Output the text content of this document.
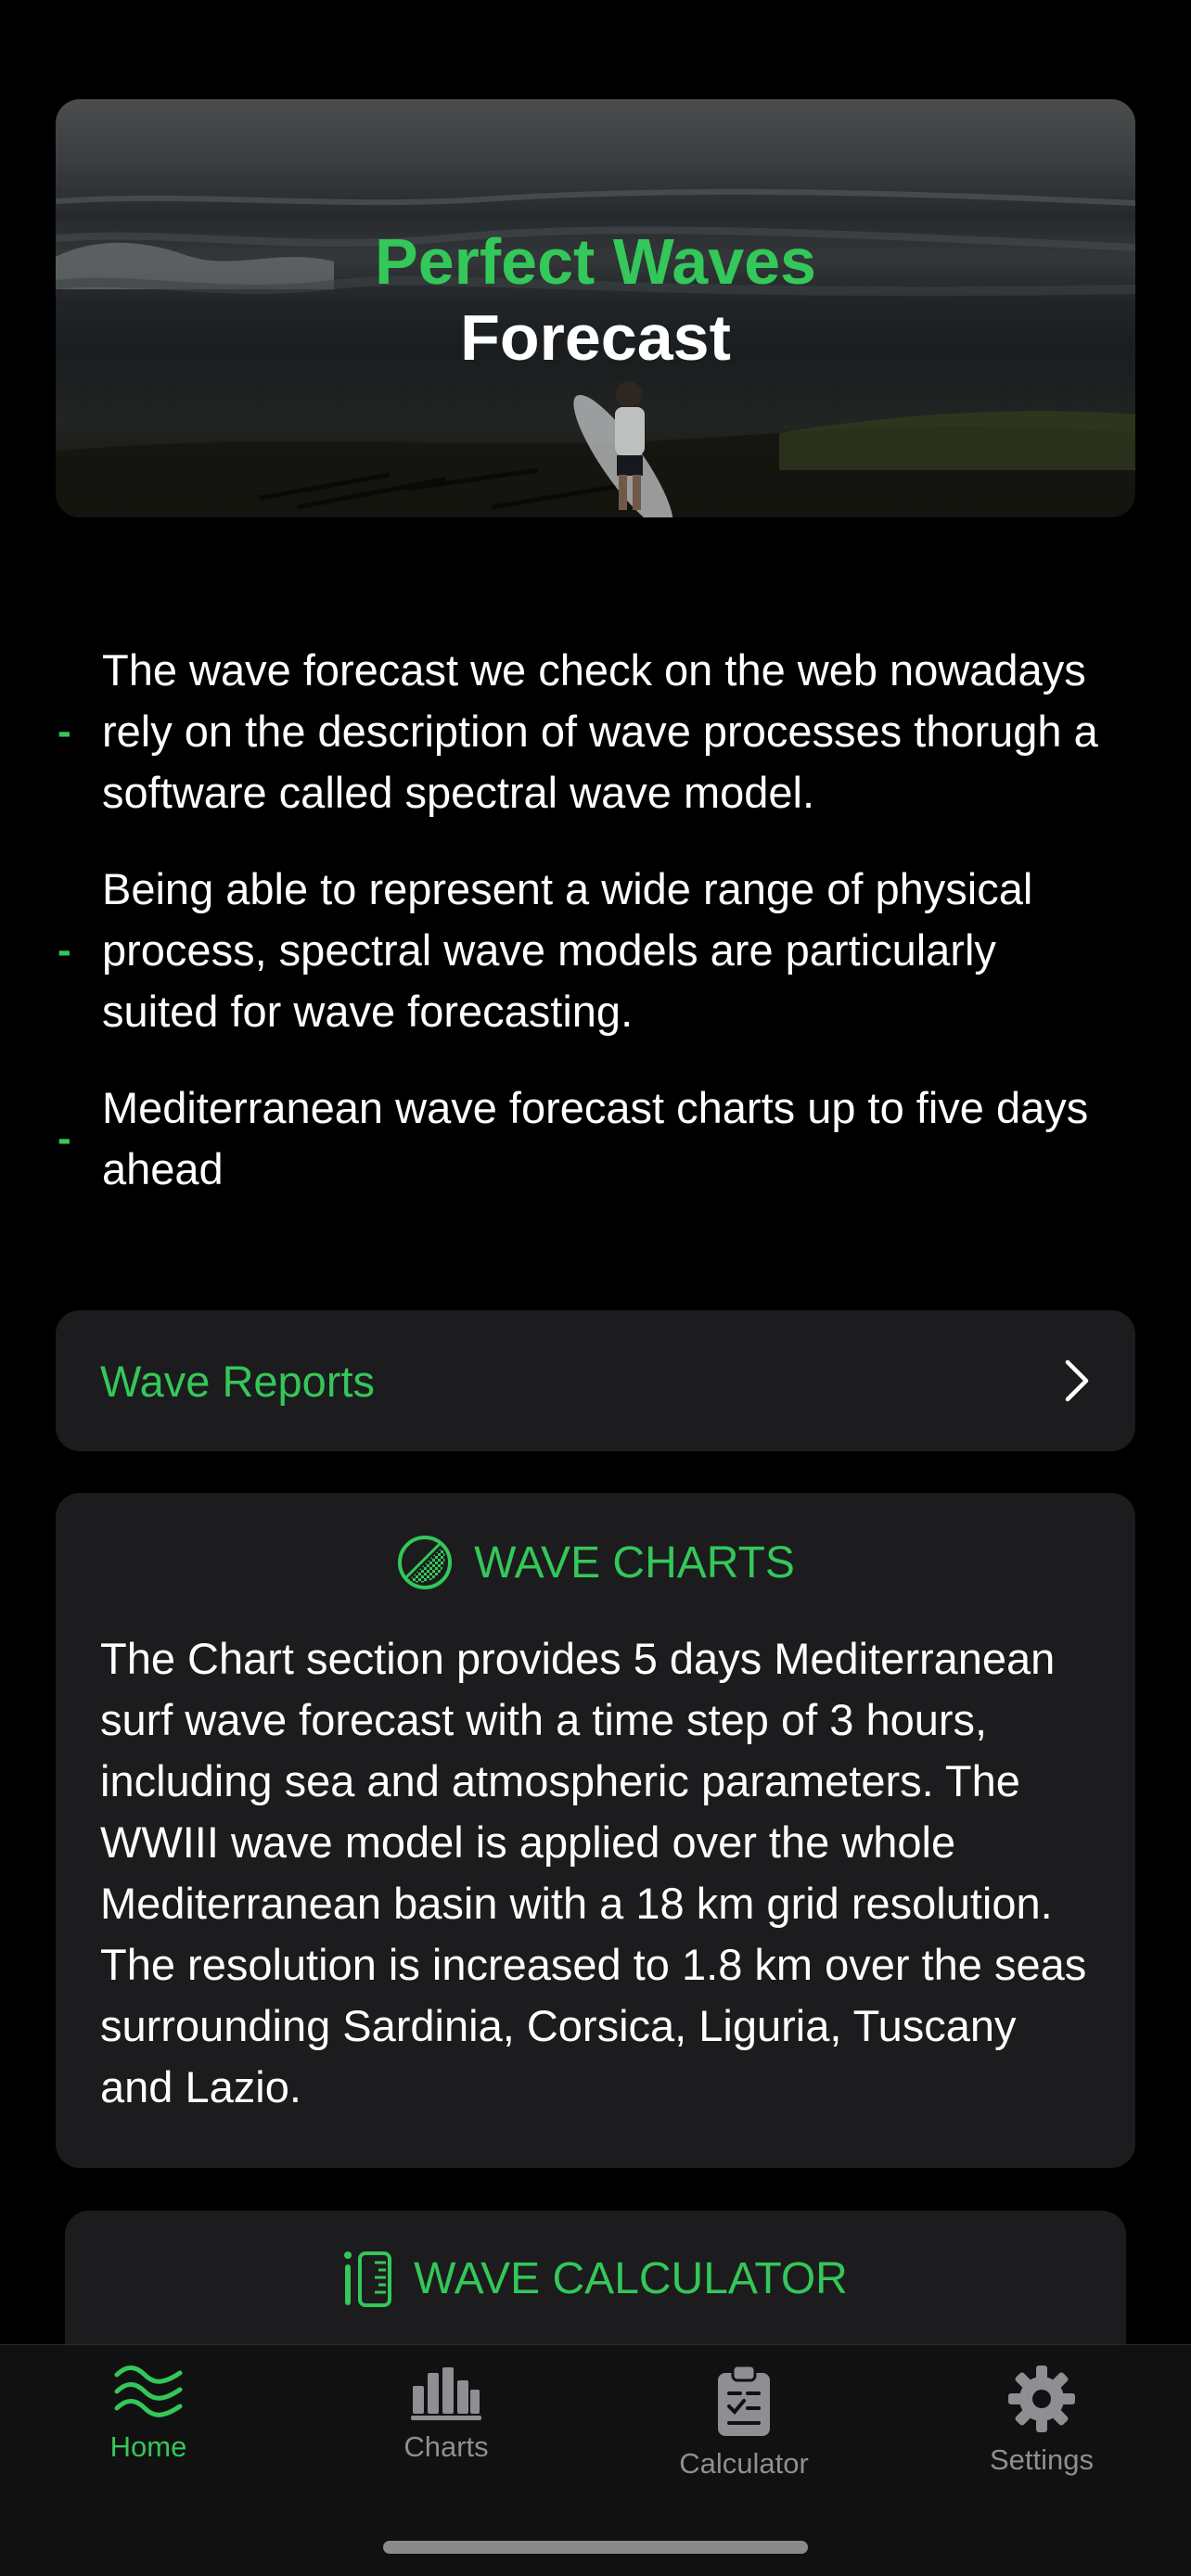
Perfect Waves
Forecast
-
The wave forecast we check on the web nowadays rely on the description of wave processes thorugh a software called spectral wave model.
-
Being able to represent a wide range of physical process, spectral wave models are particularly suited for wave forecasting.
-
Mediterranean wave forecast charts up to five days ahead
Wave Reports
WAVE CHARTS

The Chart section provides 5 days Mediterranean surf wave forecast with a time step of 3 hours, including sea and atmospheric parameters. The WWIII wave model is applied over the whole Mediterranean basin with a 18 km grid resolution. The resolution is increased to 1.8 km over the seas surrounding Sardinia, Corsica, Liguria, Tuscany and Lazio.

WAVE CALCULATOR
Home	Charts
Calculator	Settings
